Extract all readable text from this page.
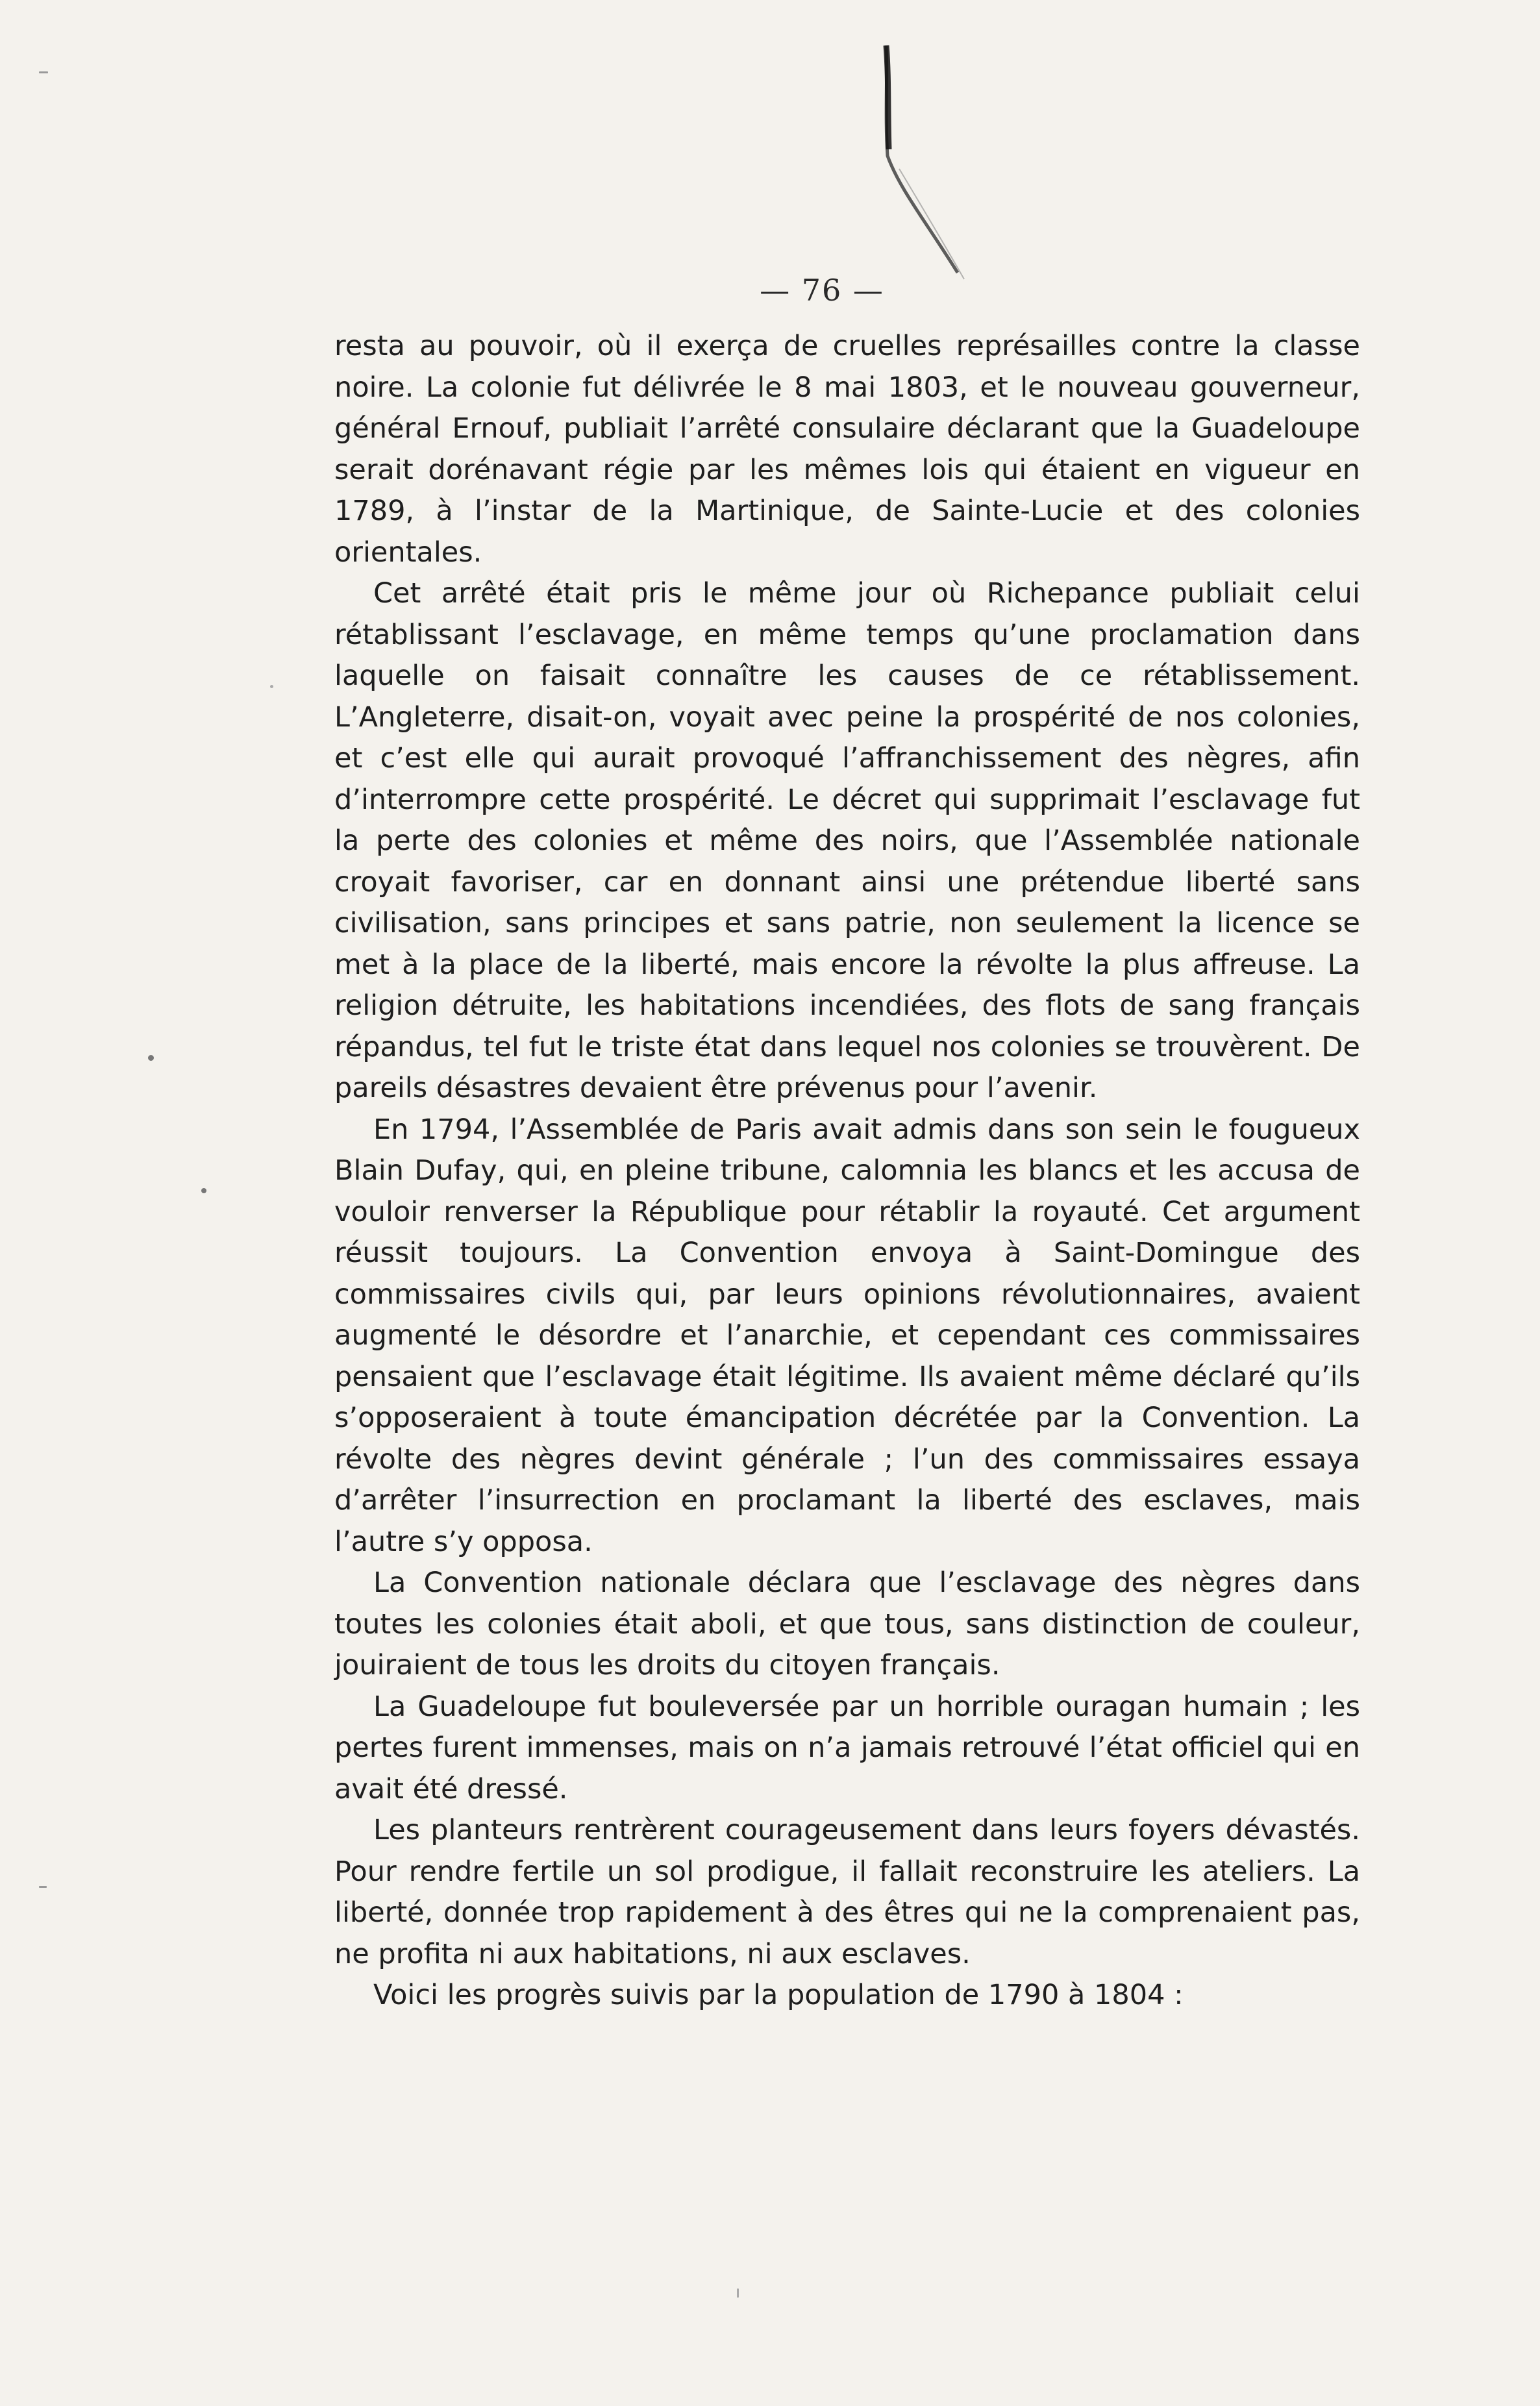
— 76 —

resta au pouvoir, où il exerça de cruelles représailles contre la classe noire. La colonie fut délivrée le 8 mai 1803, et le nouveau gouverneur, général Ernouf, publiait l’arrêté consulaire déclarant que la Guadeloupe serait dorénavant régie par les mêmes lois qui étaient en vigueur en 1789, à l’instar de la Martinique, de Sainte-Lucie et des colonies orientales.

Cet arrêté était pris le même jour où Richepance publiait celui rétablissant l’esclavage, en même temps qu’une proclamation dans laquelle on faisait connaître les causes de ce rétablissement. L’Angleterre, disait-on, voyait avec peine la prospérité de nos colonies, et c’est elle qui aurait provoqué l’affranchissement des nègres, afin d’interrompre cette prospérité. Le décret qui supprimait l’esclavage fut la perte des colonies et même des noirs, que l’Assemblée nationale croyait favoriser, car en donnant ainsi une prétendue liberté sans civilisation, sans principes et sans patrie, non seulement la licence se met à la place de la liberté, mais encore la révolte la plus affreuse. La religion détruite, les habitations incendiées, des flots de sang français répandus, tel fut le triste état dans lequel nos colonies se trouvèrent. De pareils désastres devaient être prévenus pour l’avenir.

En 1794, l’Assemblée de Paris avait admis dans son sein le fougueux Blain Dufay, qui, en pleine tribune, calomnia les blancs et les accusa de vouloir renverser la République pour rétablir la royauté. Cet argument réussit toujours. La Convention envoya à Saint-Domingue des commissaires civils qui, par leurs opinions révolutionnaires, avaient augmenté le désordre et l’anarchie, et cependant ces commissaires pensaient que l’esclavage était légitime. Ils avaient même déclaré qu’ils s’opposeraient à toute émancipation décrétée par la Convention. La révolte des nègres devint générale ; l’un des commissaires essaya d’arrêter l’insurrection en proclamant la liberté des esclaves, mais l’autre s’y opposa.

La Convention nationale déclara que l’esclavage des nègres dans toutes les colonies était aboli, et que tous, sans distinction de couleur, jouiraient de tous les droits du citoyen français.

La Guadeloupe fut bouleversée par un horrible ouragan humain ; les pertes furent immenses, mais on n’a jamais retrouvé l’état officiel qui en avait été dressé.

Les planteurs rentrèrent courageusement dans leurs foyers dévastés. Pour rendre fertile un sol prodigue, il fallait reconstruire les ateliers. La liberté, donnée trop rapidement à des êtres qui ne la comprenaient pas, ne profita ni aux habitations, ni aux esclaves.

Voici les progrès suivis par la population de 1790 à 1804 :
